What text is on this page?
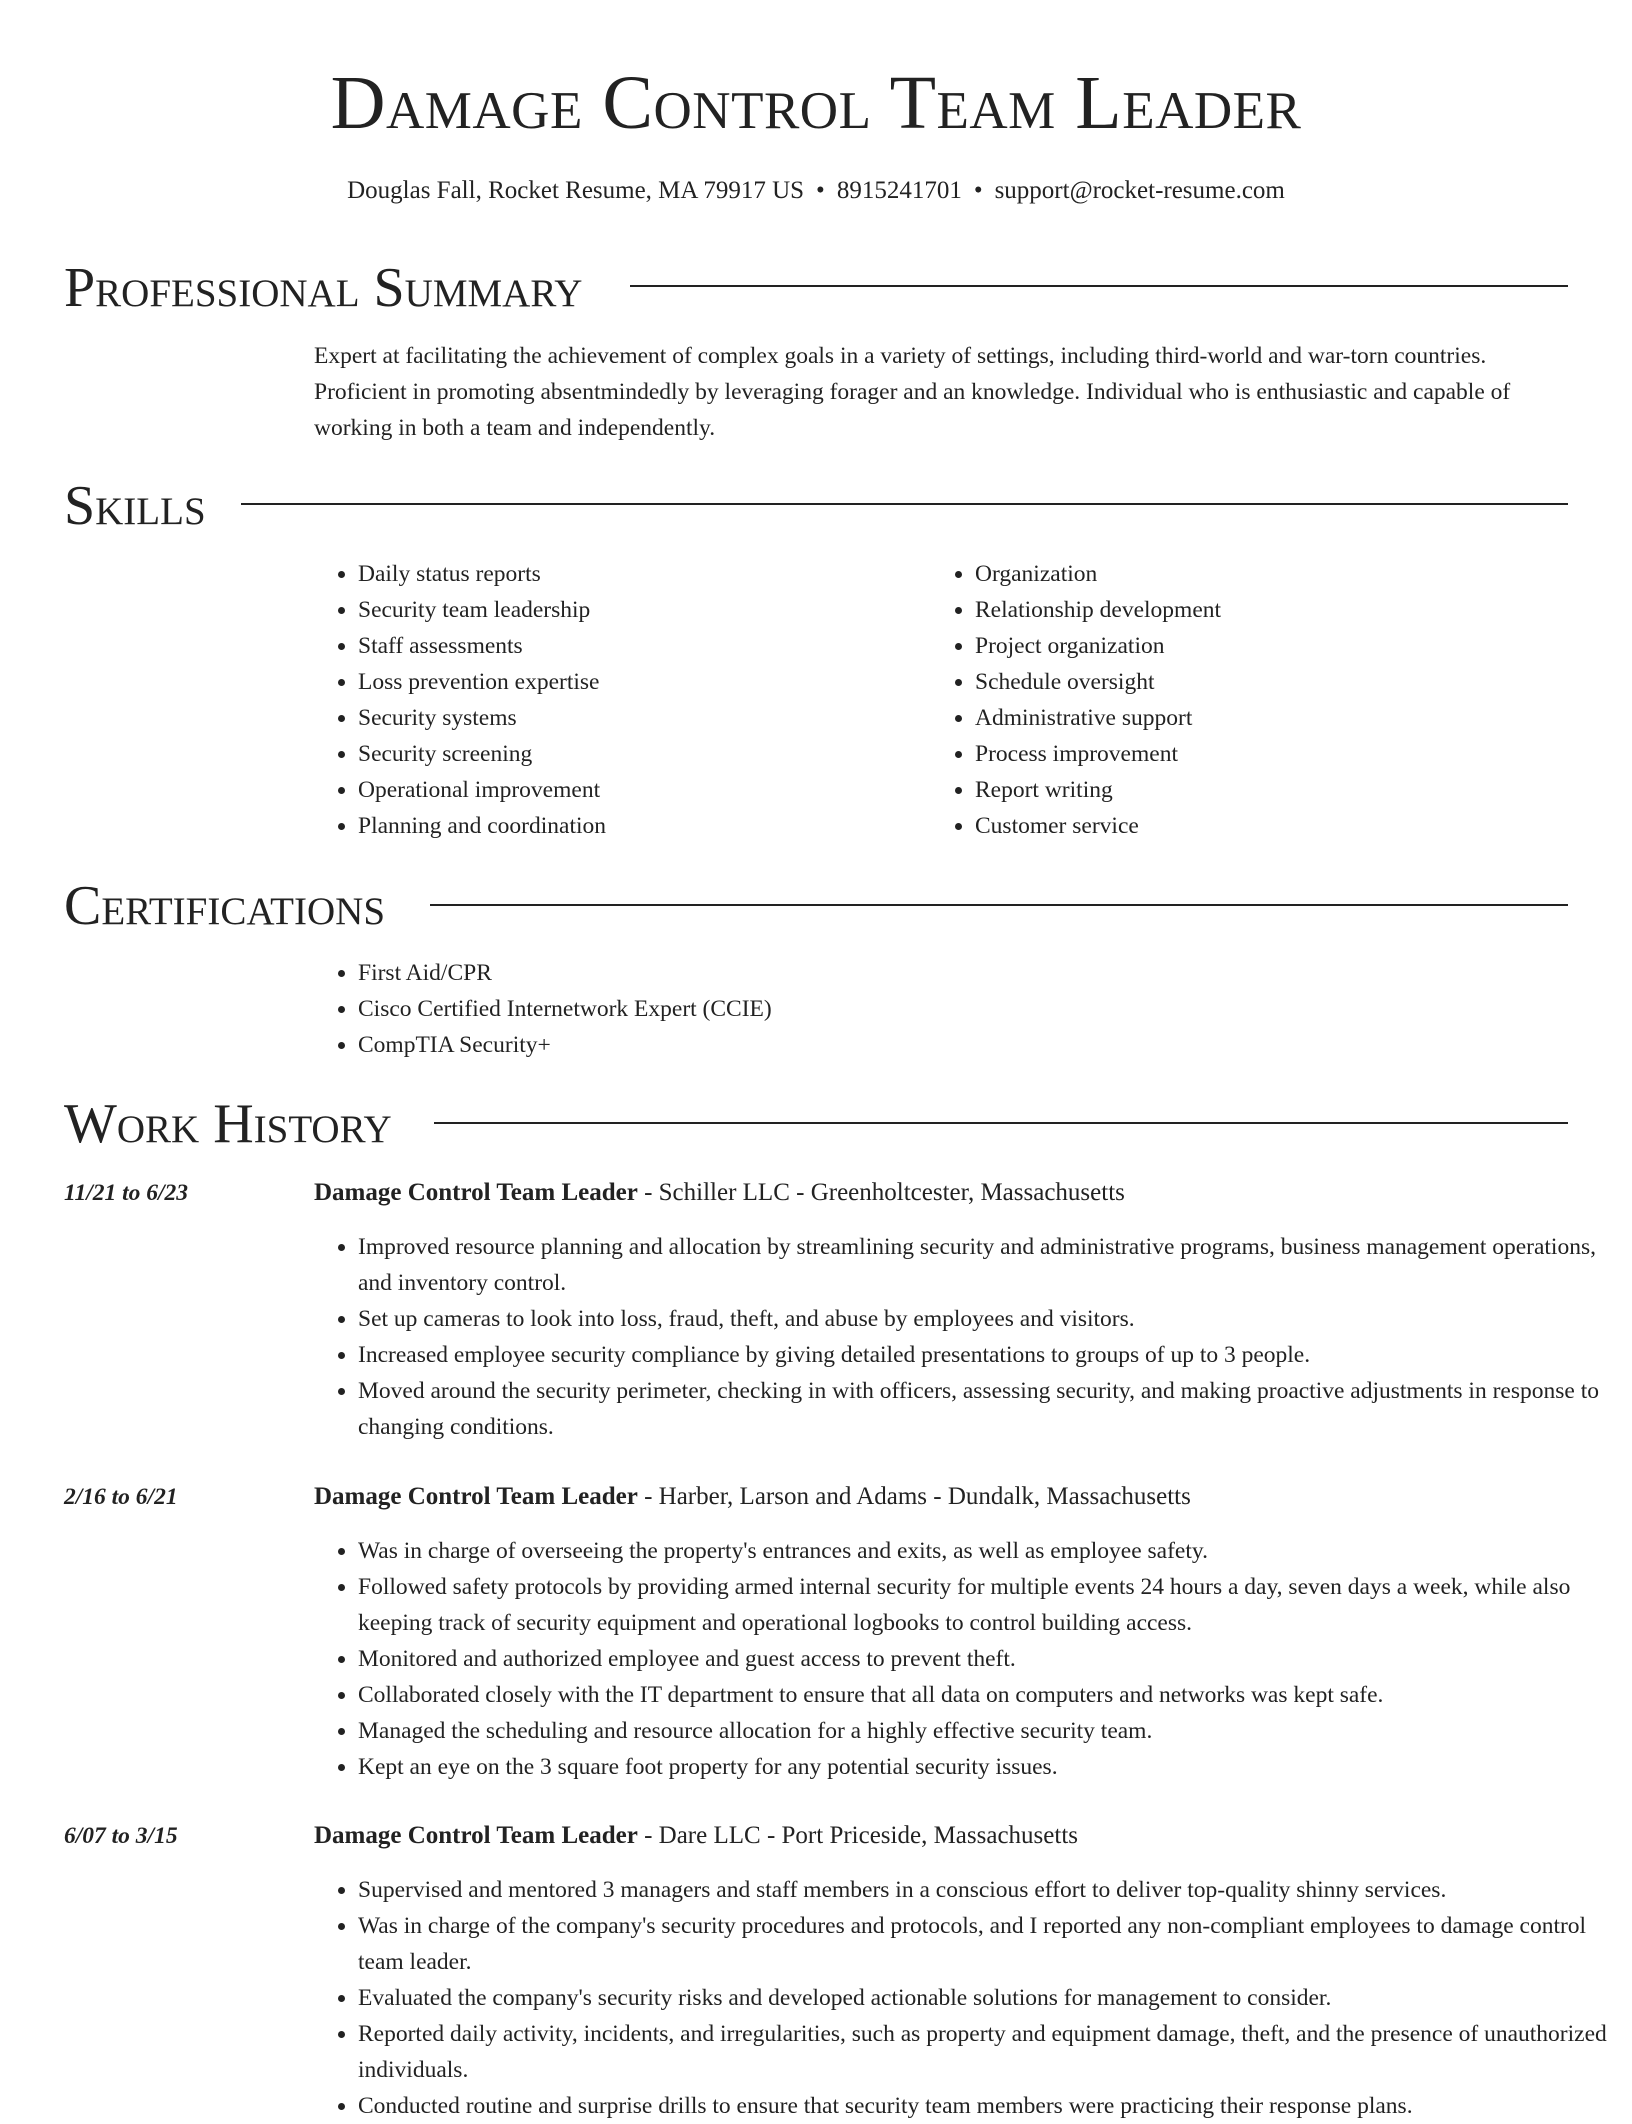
Damage Control Team Leader
Douglas Fall, Rocket Resume, MA 79917 US • 8915241701 • support@rocket-resume.com
Professional Summary

Expert at facilitating the achievement of complex goals in a variety of settings, including third-world and war-torn countries. Proficient in promoting absentmindedly by leveraging forager and an knowledge. Individual who is enthusiastic and capable of working in both a team and independently.

Skills
• Daily status reports
• Security team leadership
• Staff assessments
• Loss prevention expertise
• Security systems
• Security screening
• Operational improvement
• Planning and coordination
• Organization
• Relationship development
• Project organization
• Schedule oversight
• Administrative support
• Process improvement
• Report writing
• Customer service
Certifications
• First Aid/CPR
• Cisco Certified Internetwork Expert (CCIE)
• CompTIA Security+
Work History
11/21 to 6/23	Damage Control Team Leader - Schiller LLC - Greenholtcester, Massachusetts
• Improved resource planning and allocation by streamlining security and administrative programs, business management operations, and inventory control.
• Set up cameras to look into loss, fraud, theft, and abuse by employees and visitors.
• Increased employee security compliance by giving detailed presentations to groups of up to 3 people.
• Moved around the security perimeter, checking in with officers, assessing security, and making proactive adjustments in response to changing conditions.
2/16 to 6/21	Damage Control Team Leader - Harber, Larson and Adams - Dundalk, Massachusetts
• Was in charge of overseeing the property's entrances and exits, as well as employee safety.
• Followed safety protocols by providing armed internal security for multiple events 24 hours a day, seven days a week, while also keeping track of security equipment and operational logbooks to control building access.
• Monitored and authorized employee and guest access to prevent theft.
• Collaborated closely with the IT department to ensure that all data on computers and networks was kept safe.
• Managed the scheduling and resource allocation for a highly effective security team.
• Kept an eye on the 3 square foot property for any potential security issues.
6/07 to 3/15	Damage Control Team Leader - Dare LLC - Port Priceside, Massachusetts
• Supervised and mentored 3 managers and staff members in a conscious effort to deliver top-quality shinny services.
• Was in charge of the company's security procedures and protocols, and I reported any non-compliant employees to damage control team leader.
• Evaluated the company's security risks and developed actionable solutions for management to consider.
• Reported daily activity, incidents, and irregularities, such as property and equipment damage, theft, and the presence of unauthorized individuals.
• Conducted routine and surprise drills to ensure that security team members were practicing their response plans.
